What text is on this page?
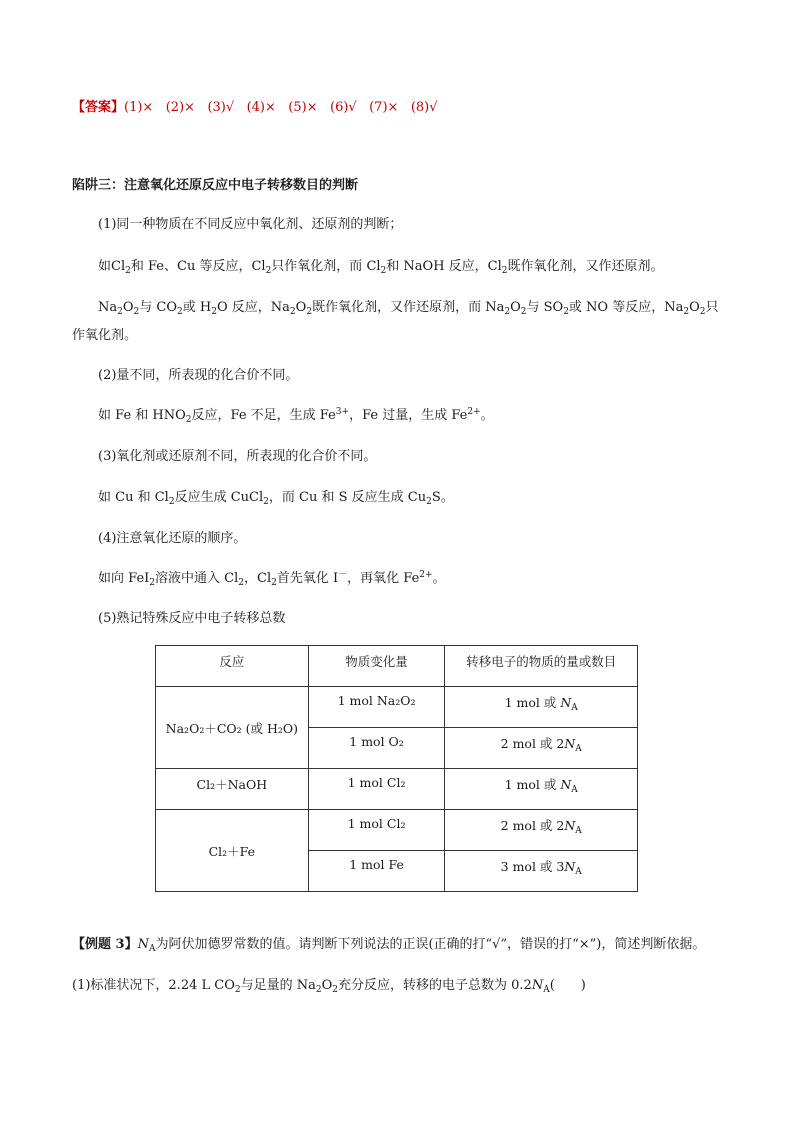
【答案】(1)× (2)× (3)√ (4)× (5)× (6)√ (7)× (8)√
陷阱三：注意氧化还原反应中电子转移数目的判断
(1)同一种物质在不同反应中氧化剂、还原剂的判断；
如$Cl_2$和 Fe、Cu 等反应，$Cl_2$只作氧化剂，而 $Cl_2$和 NaOH 反应，$Cl_2$既作氧化剂，又作还原剂。
$Na_2O_2$与 $CO_2$或 $H_2O$ 反应，$Na_2O_2$既作氧化剂，又作还原剂，而 $Na_2O_2$与 $SO_2$或 NO 等反应，$Na_2O_2$只
作氧化剂。
(2)量不同，所表现的化合价不同。
如 Fe 和 $HNO_2$反应，Fe 不足，生成 $Fe^{3+}$，Fe 过量，生成 $Fe^{2+}$。
(3)氧化剂或还原剂不同，所表现的化合价不同。
如 Cu 和 $Cl_2$反应生成 CuCl$_2$，而 Cu 和 S 反应生成 $Cu_2S$。
(4)注意氧化还原的顺序。
如向 FeI$_2$溶液中通入 $Cl_2$，$Cl_2$首先氧化 I－，再氧化 $Fe^{2+}$。
(5)熟记特殊反应中电子转移总数
反应	物质变化量	转移电子的物质的量或数目
Na₂O₂＋CO₂ (或 H₂O)	1 mol Na₂O₂	1 mol 或 $N_A$
	1 mol O₂	2 mol 或 $2N_A$
Cl₂＋NaOH	1 mol Cl₂	1 mol 或 $N_A$
Cl₂＋Fe	1 mol Cl₂	2 mol 或 $2N_A$
	1 mol Fe	3 mol 或 $3N_A$
【例题 3】$N_A$为阿伏加德罗常数的值。请判断下列说法的正误(正确的打“√”，错误的打“×”)，简述判断依据。
(1)标准状况下，2.24 L $CO_2$与足量的 $Na_2O_2$充分反应，转移的电子总数为 $0.2N_A$(　　)
